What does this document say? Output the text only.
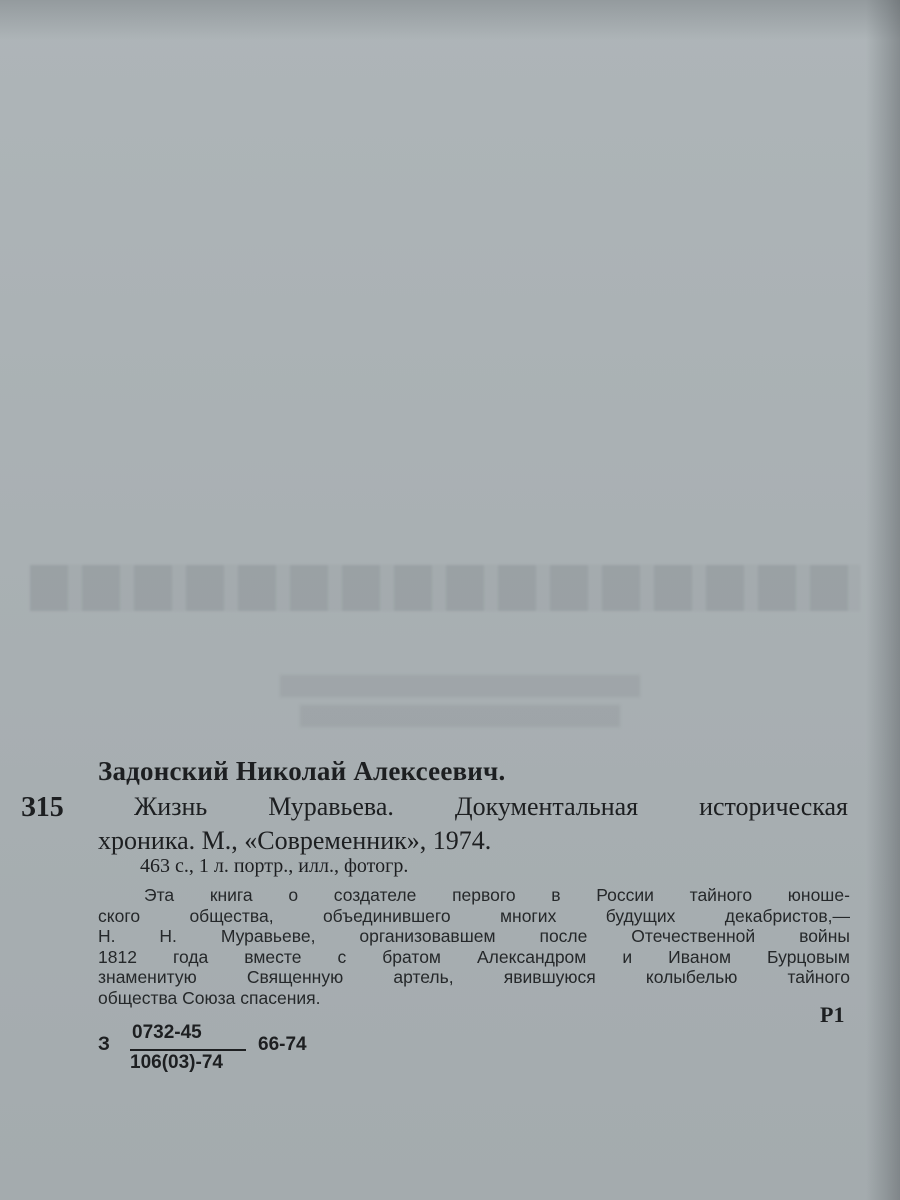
Задонский Николай Алексеевич.
З15	Жизнь Муравьева. Документальная историческая
хроника. М., «Современник», 1974.
463 с., 1 л. портр., илл., фотогр.
Эта книга о создателе первого в России тайного юноше-
ского	общества,	объединившего	многих	будущих	декабристов,—
Н.	Н.	Муравьеве,	организовавшем	после	Отечественной	войны
1812 года вместе с братом Александром и Иваном Бурцовым
знаменитую	Священную	артель,	явившуюся	колыбелью	тайного
общества Союза спасения.
Р1
З
0732-45
106(03)-74
66-74
